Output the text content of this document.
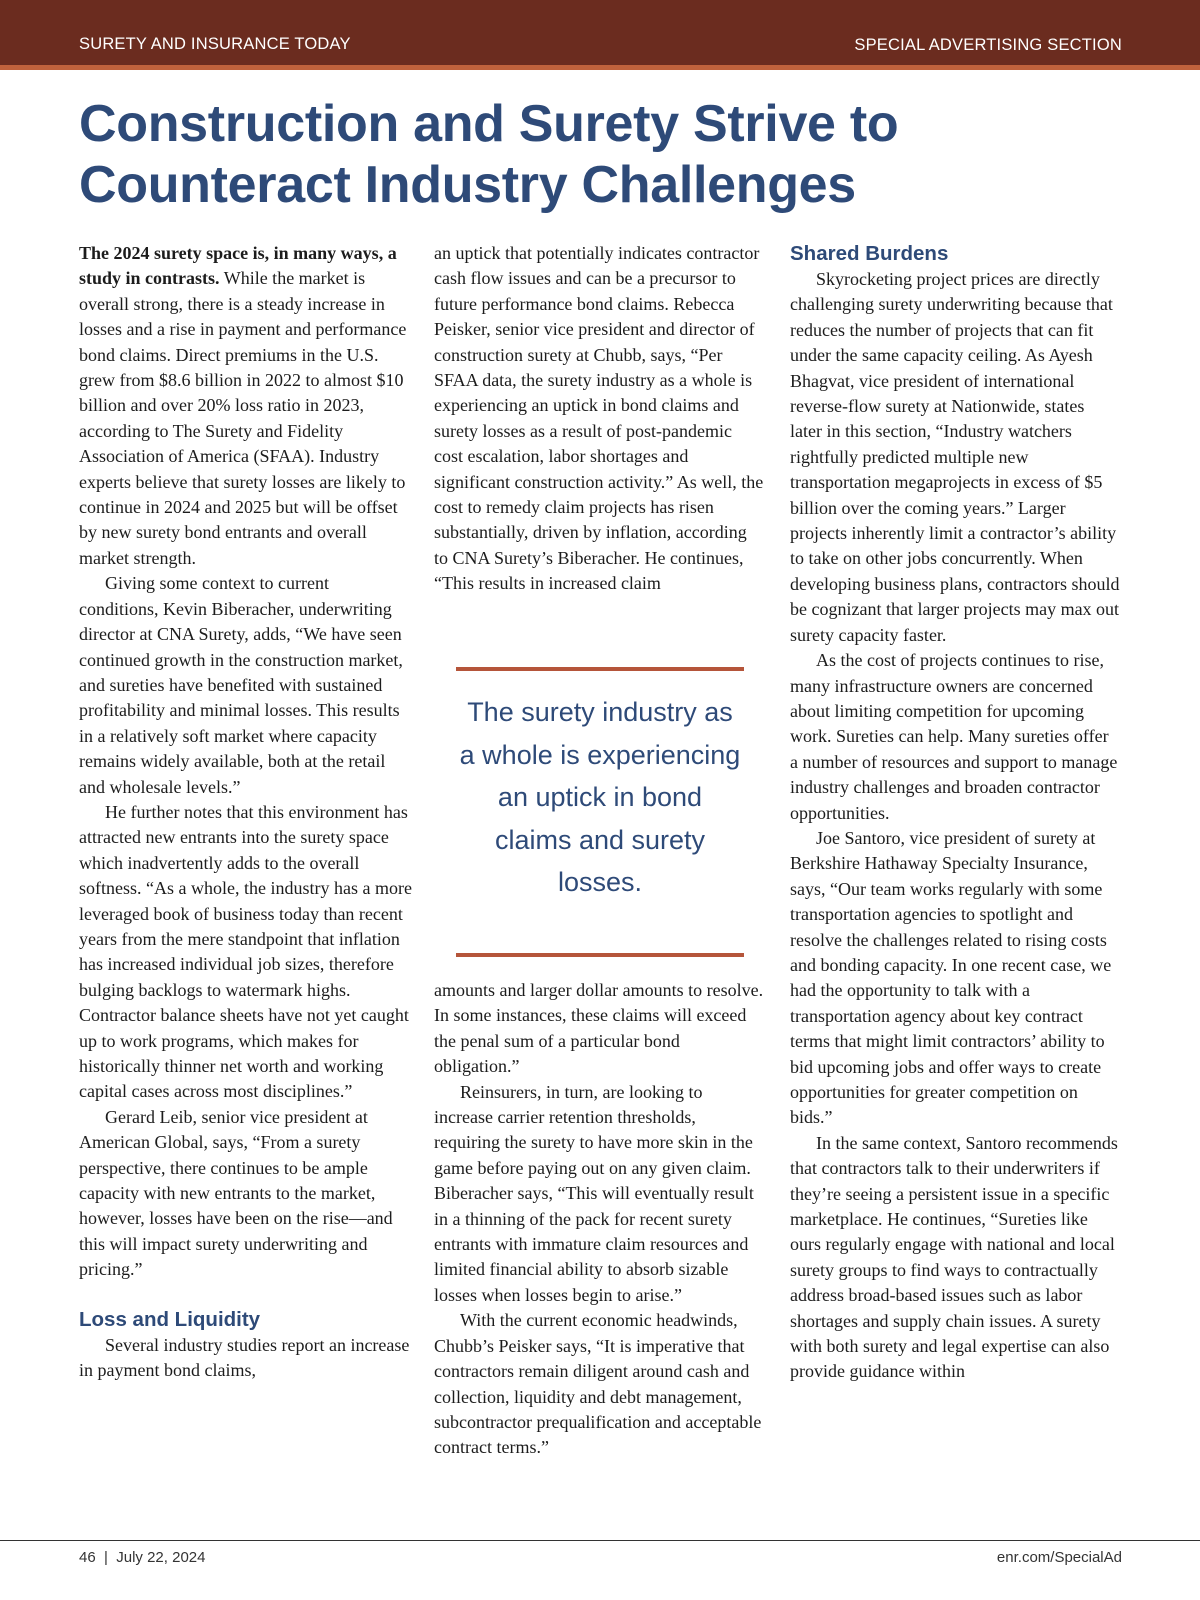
SURETY AND INSURANCE TODAY	SPECIAL ADVERTISING SECTION
Construction and Surety Strive to Counteract Industry Challenges

The 2024 surety space is, in many ways, a study in contrasts. While the market is overall strong, there is a steady increase in losses and a rise in payment and performance bond claims. Direct premiums in the U.S. grew from $8.6 billion in 2022 to almost $10 billion and over 20% loss ratio in 2023, according to The Surety and Fidelity Association of America (SFAA). Industry experts believe that surety losses are likely to continue in 2024 and 2025 but will be offset by new surety bond entrants and overall market strength.

Giving some context to current conditions, Kevin Biberacher, underwriting director at CNA Surety, adds, “We have seen continued growth in the construction market, and sureties have benefited with sustained profitability and minimal losses. This results in a relatively soft market where capacity remains widely available, both at the retail and wholesale levels.”

He further notes that this environment has attracted new entrants into the surety space which inadvertently adds to the overall softness. “As a whole, the industry has a more leveraged book of business today than recent years from the mere standpoint that inflation has increased individual job sizes, therefore bulging backlogs to watermark highs. Contractor balance sheets have not yet caught up to work programs, which makes for historically thinner net worth and working capital cases across most disciplines.”

Gerard Leib, senior vice president at American Global, says, “From a surety perspective, there continues to be ample capacity with new entrants to the market, however, losses have been on the rise—and this will impact surety underwriting and pricing.”

Loss and Liquidity

Several industry studies report an increase in payment bond claims,

an uptick that potentially indicates contractor cash flow issues and can be a precursor to future performance bond claims. Rebecca Peisker, senior vice president and director of construction surety at Chubb, says, “Per SFAA data, the surety industry as a whole is experiencing an uptick in bond claims and surety losses as a result of post-pandemic cost escalation, labor shortages and significant construction activity.” As well, the cost to remedy claim projects has risen substantially, driven by inflation, according to CNA Surety’s Biberacher. He continues, “This results in increased claim

The surety industry as a whole is experiencing an uptick in bond claims and surety losses.

amounts and larger dollar amounts to resolve. In some instances, these claims will exceed the penal sum of a particular bond obligation.”

Reinsurers, in turn, are looking to increase carrier retention thresholds, requiring the surety to have more skin in the game before paying out on any given claim. Biberacher says, “This will eventually result in a thinning of the pack for recent surety entrants with immature claim resources and limited financial ability to absorb sizable losses when losses begin to arise.”

With the current economic headwinds, Chubb’s Peisker says, “It is imperative that contractors remain diligent around cash and collection, liquidity and debt management, subcontractor prequalification and acceptable contract terms.”

Shared Burdens

Skyrocketing project prices are directly challenging surety underwriting because that reduces the number of projects that can fit under the same capacity ceiling. As Ayesh Bhagvat, vice president of international reverse-flow surety at Nationwide, states later in this section, “Industry watchers rightfully predicted multiple new transportation megaprojects in excess of $5 billion over the coming years.” Larger projects inherently limit a contractor’s ability to take on other jobs concurrently. When developing business plans, contractors should be cognizant that larger projects may max out surety capacity faster.

As the cost of projects continues to rise, many infrastructure owners are concerned about limiting competition for upcoming work. Sureties can help. Many sureties offer a number of resources and support to manage industry challenges and broaden contractor opportunities.

Joe Santoro, vice president of surety at Berkshire Hathaway Specialty Insurance, says, “Our team works regularly with some transportation agencies to spotlight and resolve the challenges related to rising costs and bonding capacity. In one recent case, we had the opportunity to talk with a transportation agency about key contract terms that might limit contractors’ ability to bid upcoming jobs and offer ways to create opportunities for greater competition on bids.”

In the same context, Santoro recommends that contractors talk to their underwriters if they’re seeing a persistent issue in a specific marketplace. He continues, “Sureties like ours regularly engage with national and local surety groups to find ways to contractually address broad-based issues such as labor shortages and supply chain issues. A surety with both surety and legal expertise can also provide guidance within

46  |  July 22, 2024	enr.com/SpecialAd
